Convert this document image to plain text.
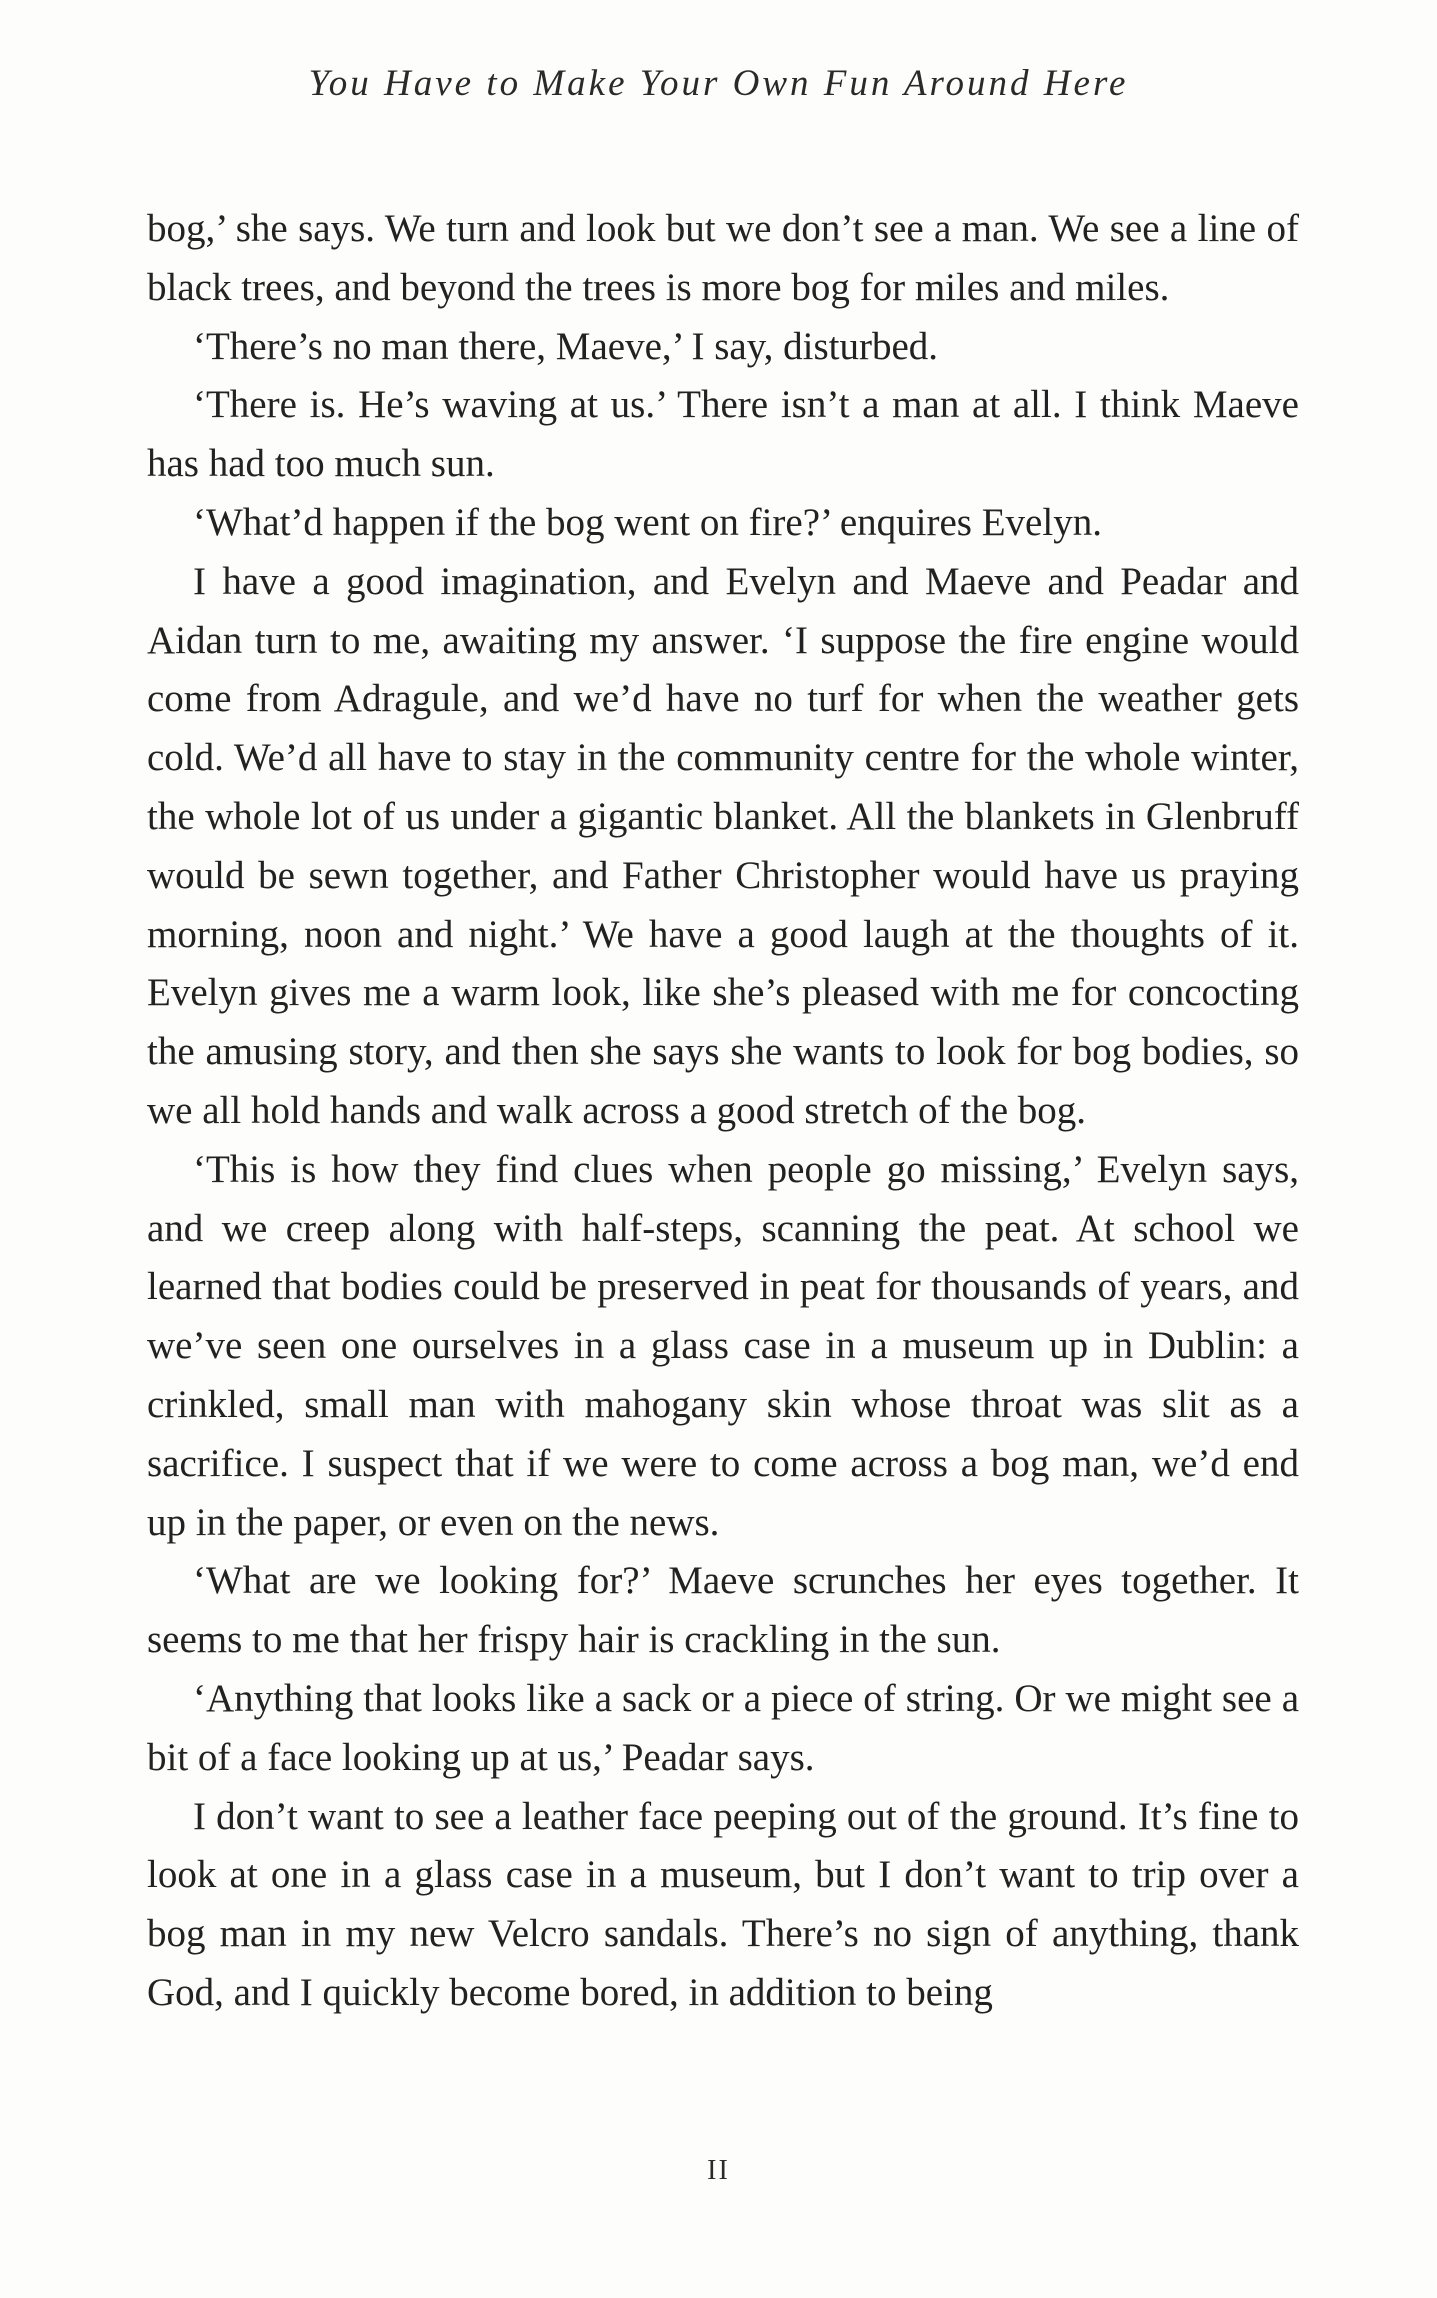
You Have to Make Your Own Fun Around Here

bog,’ she says. We turn and look but we don’t see a man. We see a line of black trees, and beyond the trees is more bog for miles and miles.

‘There’s no man there, Maeve,’ I say, disturbed.

‘There is. He’s waving at us.’ There isn’t a man at all. I think Maeve has had too much sun.

‘What’d happen if the bog went on fire?’ enquires Evelyn.

I have a good imagination, and Evelyn and Maeve and Peadar and Aidan turn to me, awaiting my answer. ‘I suppose the fire engine would come from Adragule, and we’d have no turf for when the weather gets cold. We’d all have to stay in the community centre for the whole winter, the whole lot of us under a gigantic blanket. All the blankets in Glenbruff would be sewn together, and Father Christopher would have us praying morning, noon and night.’ We have a good laugh at the thoughts of it. Evelyn gives me a warm look, like she’s pleased with me for concocting the amusing story, and then she says she wants to look for bog bodies, so we all hold hands and walk across a good stretch of the bog.

‘This is how they find clues when people go missing,’ Evelyn says, and we creep along with half-steps, scanning the peat. At school we learned that bodies could be preserved in peat for thousands of years, and we’ve seen one ourselves in a glass case in a museum up in Dublin: a crinkled, small man with mahogany skin whose throat was slit as a sacrifice. I suspect that if we were to come across a bog man, we’d end up in the paper, or even on the news.

‘What are we looking for?’ Maeve scrunches her eyes together. It seems to me that her frispy hair is crackling in the sun.

‘Anything that looks like a sack or a piece of string. Or we might see a bit of a face looking up at us,’ Peadar says.

I don’t want to see a leather face peeping out of the ground. It’s fine to look at one in a glass case in a museum, but I don’t want to trip over a bog man in my new Velcro sandals. There’s no sign of anything, thank God, and I quickly become bored, in addition to being

II
